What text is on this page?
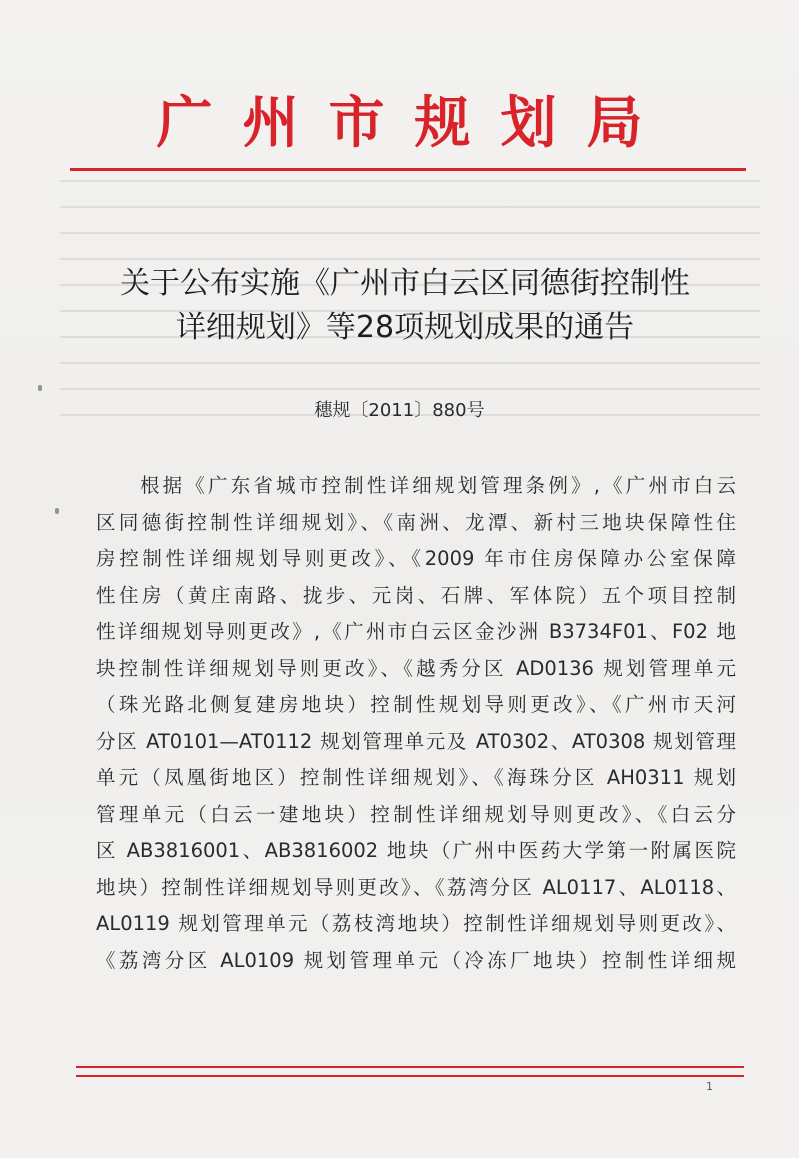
广州市规划局
关于公布实施《广州市白云区同德街控制性
详细规划》等28项规划成果的通告
穗规〔2011〕880号
根据《广东省城市控制性详细规划管理条例》,《广州市白云
区同德街控制性详细规划》、《南洲、龙潭、新村三地块保障性住
房控制性详细规划导则更改》、《2009 年市住房保障办公室保障
性住房（黄庄南路、拢步、元岗、石牌、军体院）五个项目控制
性详细规划导则更改》,《广州市白云区金沙洲 B3734F01、F02 地
块控制性详细规划导则更改》、《越秀分区 AD0136 规划管理单元
（珠光路北侧复建房地块）控制性规划导则更改》、《广州市天河
分区 AT0101—AT0112 规划管理单元及 AT0302、AT0308 规划管理
单元（凤凰街地区）控制性详细规划》、《海珠分区 AH0311 规划
管理单元（白云一建地块）控制性详细规划导则更改》、《白云分
区 AB3816001、AB3816002 地块（广州中医药大学第一附属医院
地块）控制性详细规划导则更改》、《荔湾分区 AL0117、AL0118、
AL0119 规划管理单元（荔枝湾地块）控制性详细规划导则更改》、
《荔湾分区 AL0109 规划管理单元（冷冻厂地块）控制性详细规
1
